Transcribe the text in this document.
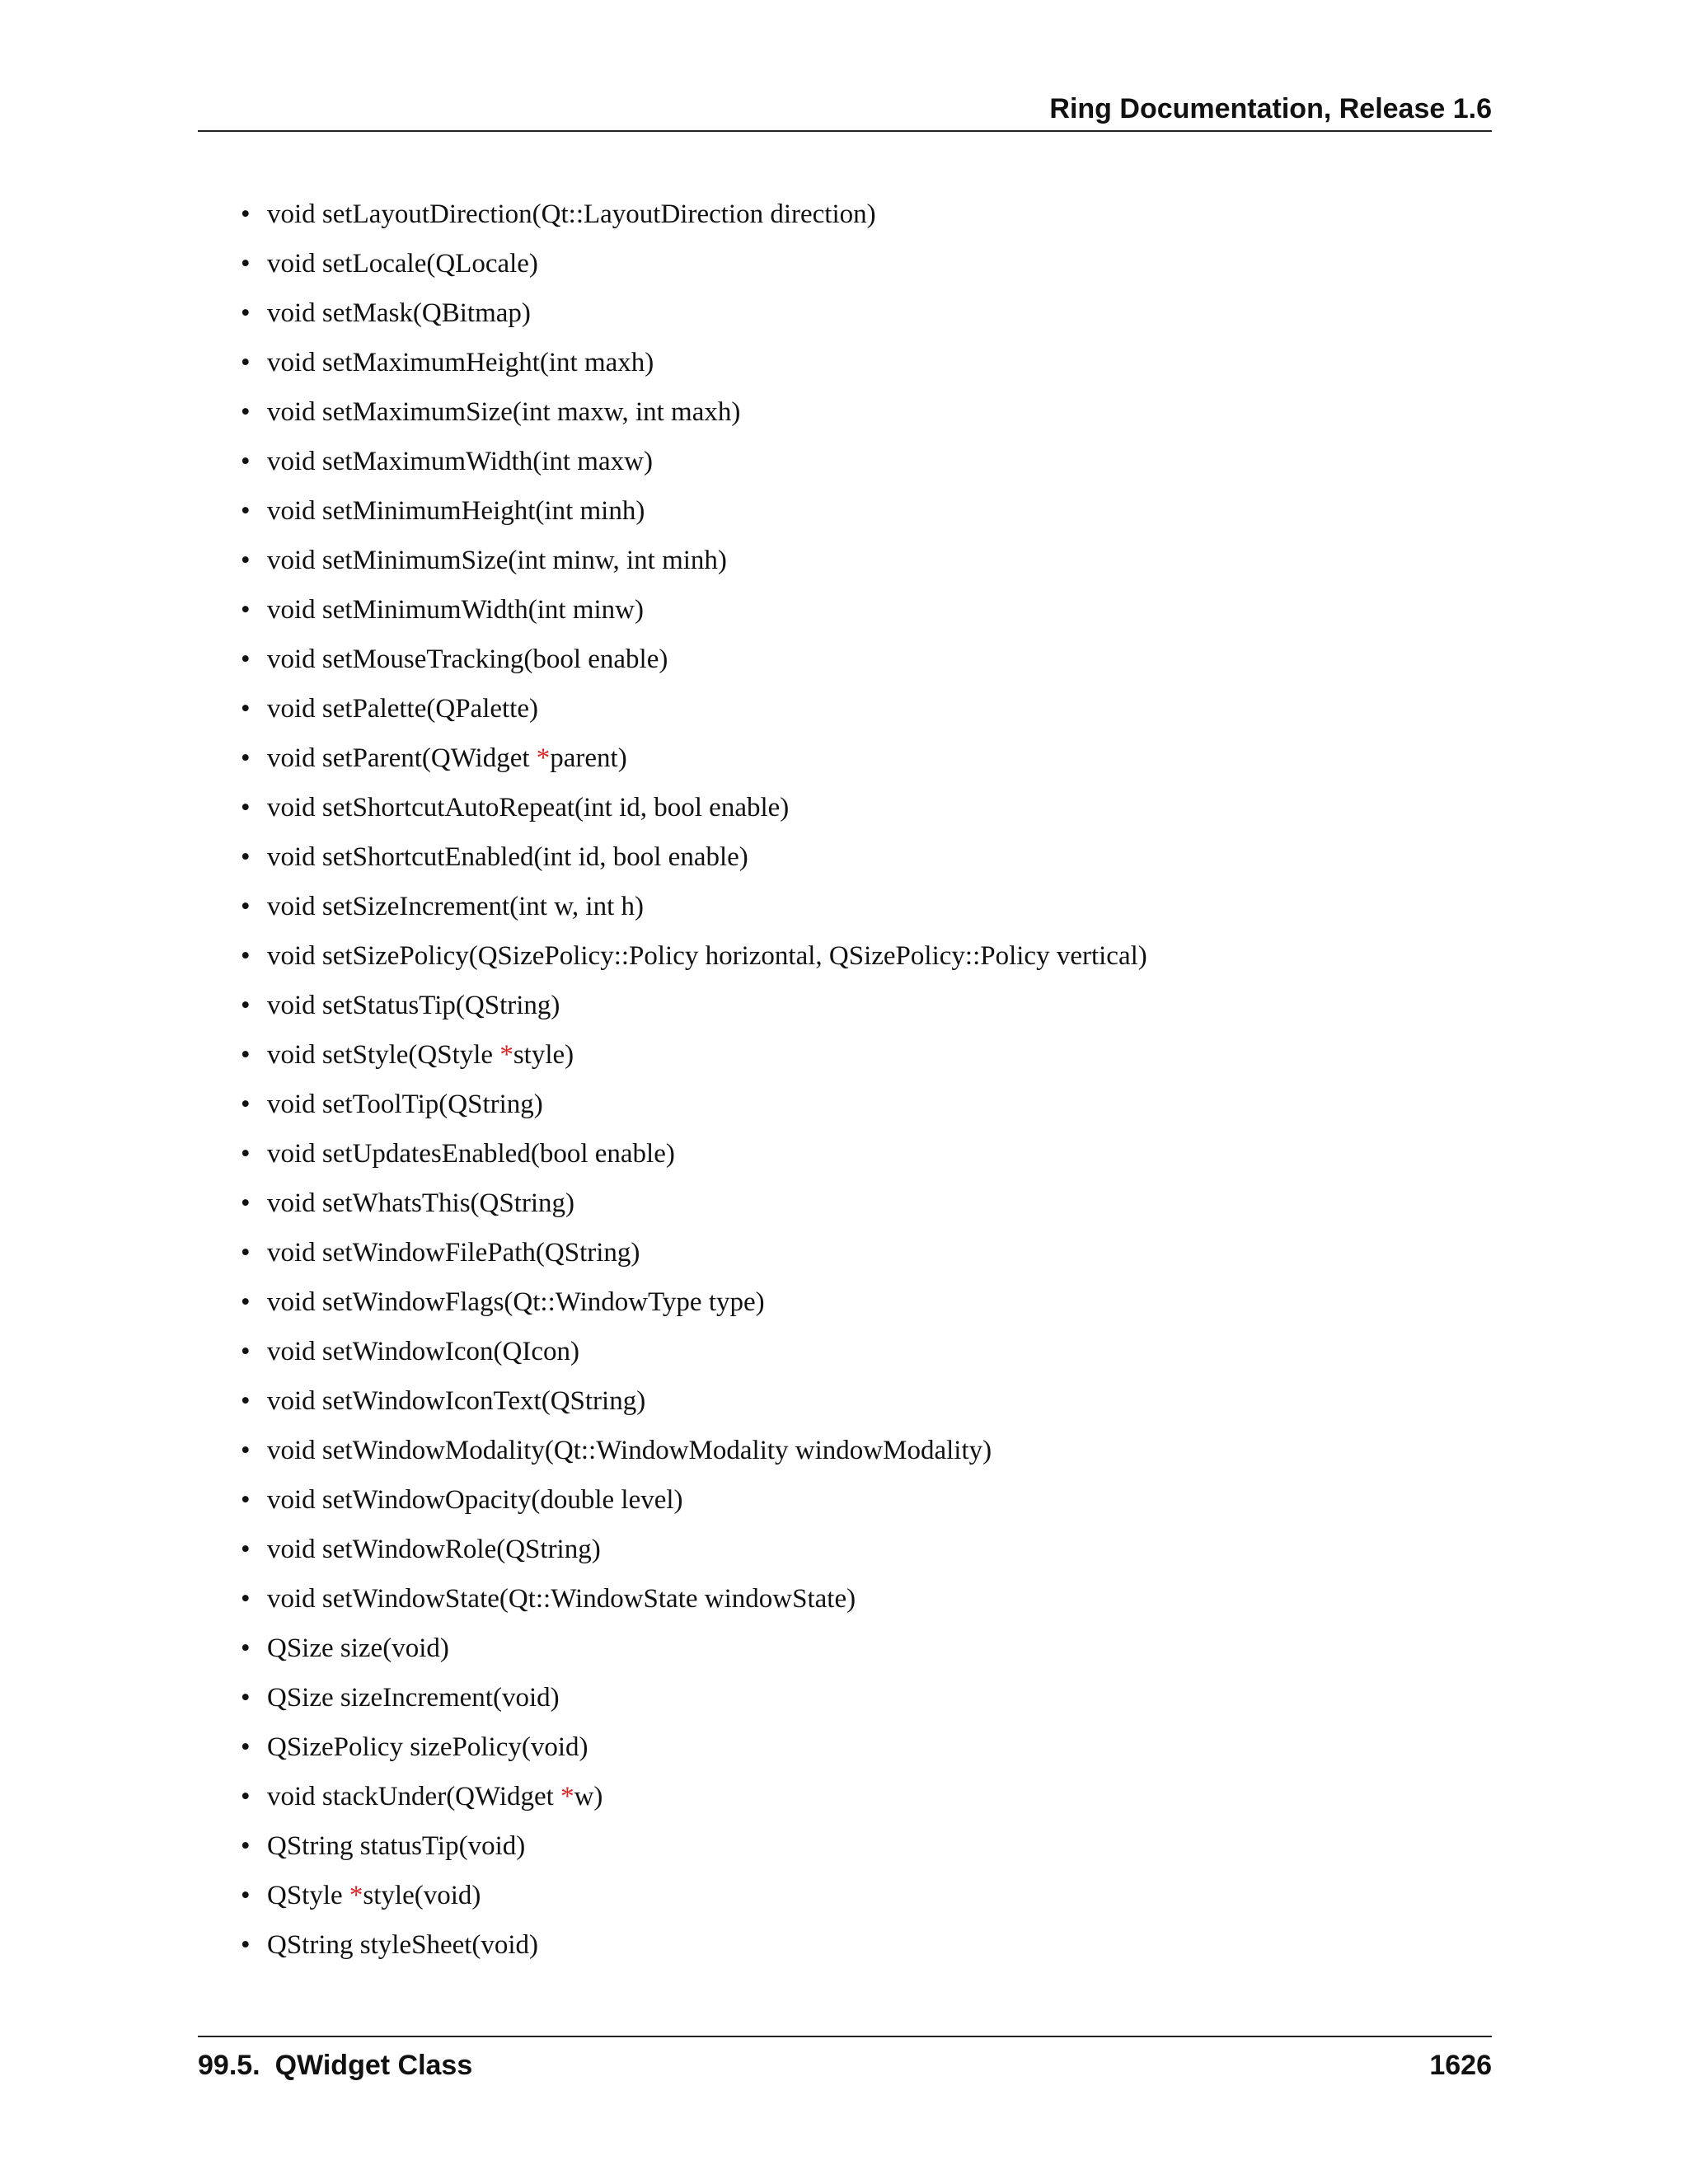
Ring Documentation, Release 1.6
• void setLayoutDirection(Qt::LayoutDirection direction)
• void setLocale(QLocale)
• void setMask(QBitmap)
• void setMaximumHeight(int maxh)
• void setMaximumSize(int maxw, int maxh)
• void setMaximumWidth(int maxw)
• void setMinimumHeight(int minh)
• void setMinimumSize(int minw, int minh)
• void setMinimumWidth(int minw)
• void setMouseTracking(bool enable)
• void setPalette(QPalette)
• void setParent(QWidget *parent)
• void setShortcutAutoRepeat(int id, bool enable)
• void setShortcutEnabled(int id, bool enable)
• void setSizeIncrement(int w, int h)
• void setSizePolicy(QSizePolicy::Policy horizontal, QSizePolicy::Policy vertical)
• void setStatusTip(QString)
• void setStyle(QStyle *style)
• void setToolTip(QString)
• void setUpdatesEnabled(bool enable)
• void setWhatsThis(QString)
• void setWindowFilePath(QString)
• void setWindowFlags(Qt::WindowType type)
• void setWindowIcon(QIcon)
• void setWindowIconText(QString)
• void setWindowModality(Qt::WindowModality windowModality)
• void setWindowOpacity(double level)
• void setWindowRole(QString)
• void setWindowState(Qt::WindowState windowState)
• QSize size(void)
• QSize sizeIncrement(void)
• QSizePolicy sizePolicy(void)
• void stackUnder(QWidget *w)
• QString statusTip(void)
• QStyle *style(void)
• QString styleSheet(void)
99.5. QWidget Class	1626
